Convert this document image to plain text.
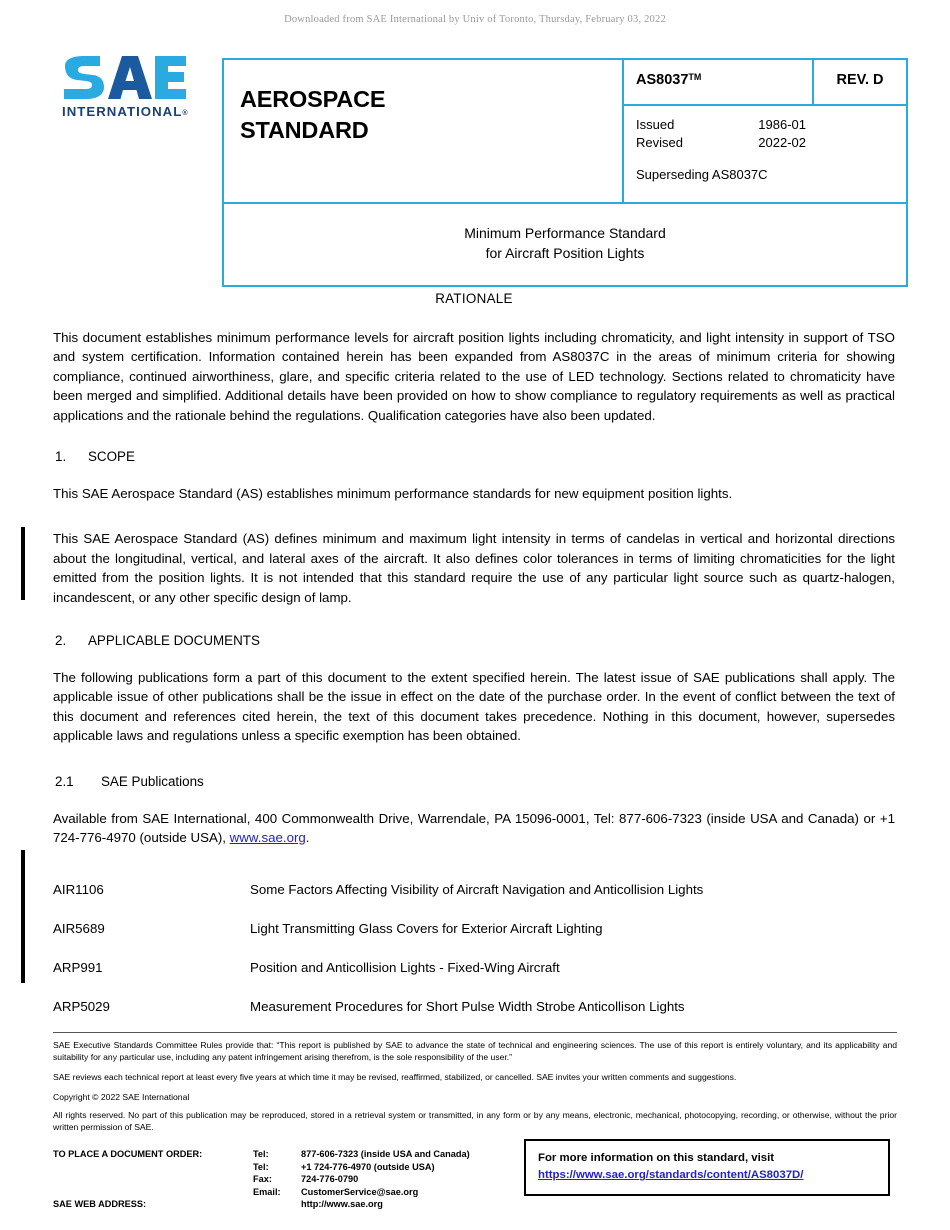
Downloaded from SAE International by Univ of Toronto, Thursday, February 03, 2022
INTERNATIONAL®
AEROSPACE
STANDARD
AS8037™	REV. D
Issued	1986-01
Revised	2022-02
Superseding AS8037C
Minimum Performance Standard
for Aircraft Position Lights
RATIONALE

This document establishes minimum performance levels for aircraft position lights including chromaticity, and light intensity in support of TSO and system certification. Information contained herein has been expanded from AS8037C in the areas of minimum criteria for showing compliance, continued airworthiness, glare, and specific criteria related to the use of LED technology. Sections related to chromaticity have been merged and simplified. Additional details have been provided on how to show compliance to regulatory requirements as well as practical applications and the rationale behind the regulations. Qualification categories have also been updated.

1. SCOPE

This SAE Aerospace Standard (AS) establishes minimum performance standards for new equipment position lights.

This SAE Aerospace Standard (AS) defines minimum and maximum light intensity in terms of candelas in vertical and horizontal directions about the longitudinal, vertical, and lateral axes of the aircraft. It also defines color tolerances in terms of limiting chromaticities for the light emitted from the position lights. It is not intended that this standard require the use of any particular light source such as quartz-halogen, incandescent, or any other specific design of lamp.

2. APPLICABLE DOCUMENTS

The following publications form a part of this document to the extent specified herein. The latest issue of SAE publications shall apply. The applicable issue of other publications shall be the issue in effect on the date of the purchase order. In the event of conflict between the text of this document and references cited herein, the text of this document takes precedence. Nothing in this document, however, supersedes applicable laws and regulations unless a specific exemption has been obtained.

2.1 SAE Publications

Available from SAE International, 400 Commonwealth Drive, Warrendale, PA 15096-0001, Tel: 877-606-7323 (inside USA and Canada) or +1 724-776-4970 (outside USA), www.sae.org.

AIR1106	Some Factors Affecting Visibility of Aircraft Navigation and Anticollision Lights
AIR5689	Light Transmitting Glass Covers for Exterior Aircraft Lighting
ARP991	Position and Anticollision Lights - Fixed-Wing Aircraft
ARP5029	Measurement Procedures for Short Pulse Width Strobe Anticollison Lights

SAE Executive Standards Committee Rules provide that: “This report is published by SAE to advance the state of technical and engineering sciences. The use of this report is entirely voluntary, and its applicability and suitability for any particular use, including any patent infringement arising therefrom, is the sole responsibility of the user.”

SAE reviews each technical report at least every five years at which time it may be revised, reaffirmed, stabilized, or cancelled. SAE invites your written comments and suggestions.

Copyright © 2022 SAE International

All rights reserved. No part of this publication may be reproduced, stored in a retrieval system or transmitted, in any form or by any means, electronic, mechanical, photocopying, recording, or otherwise, without the prior written permission of SAE.

TO PLACE A DOCUMENT ORDER:	Tel:	877-606-7323 (inside USA and Canada)
Tel:	+1 724-776-4970 (outside USA)
Fax:	724-776-0790
Email:	CustomerService@sae.org
SAE WEB ADDRESS:	http://www.sae.org
For more information on this standard, visit
https://www.sae.org/standards/content/AS8037D/
